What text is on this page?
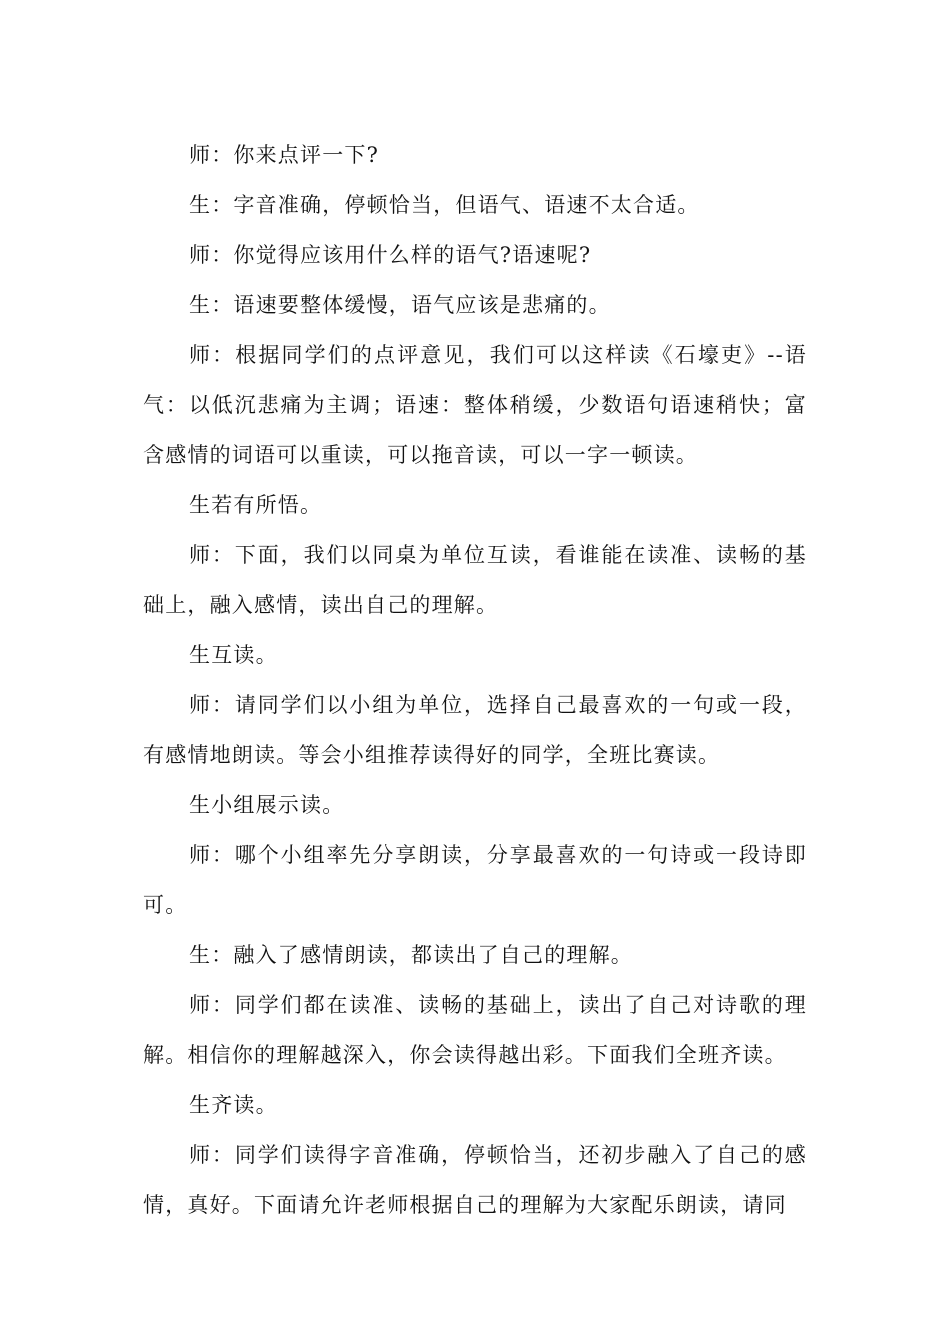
师：你来点评一下?

生：字音准确，停顿恰当，但语气、语速不太合适。

师：你觉得应该用什么样的语气?语速呢?

生：语速要整体缓慢，语气应该是悲痛的。

师：根据同学们的点评意见，我们可以这样读《石壕吏》--语气：以低沉悲痛为主调；语速：整体稍缓，少数语句语速稍快；富含感情的词语可以重读，可以拖音读，可以一字一顿读。

生若有所悟。

师：下面，我们以同桌为单位互读，看谁能在读准、读畅的基础上，融入感情，读出自己的理解。

生互读。

师：请同学们以小组为单位，选择自己最喜欢的一句或一段，有感情地朗读。等会小组推荐读得好的同学，全班比赛读。

生小组展示读。

师：哪个小组率先分享朗读，分享最喜欢的一句诗或一段诗即可。

生：融入了感情朗读，都读出了自己的理解。

师：同学们都在读准、读畅的基础上，读出了自己对诗歌的理解。相信你的理解越深入，你会读得越出彩。下面我们全班齐读。

生齐读。

师：同学们读得字音准确，停顿恰当，还初步融入了自己的感情，真好。下面请允许老师根据自己的理解为大家配乐朗读，请同
